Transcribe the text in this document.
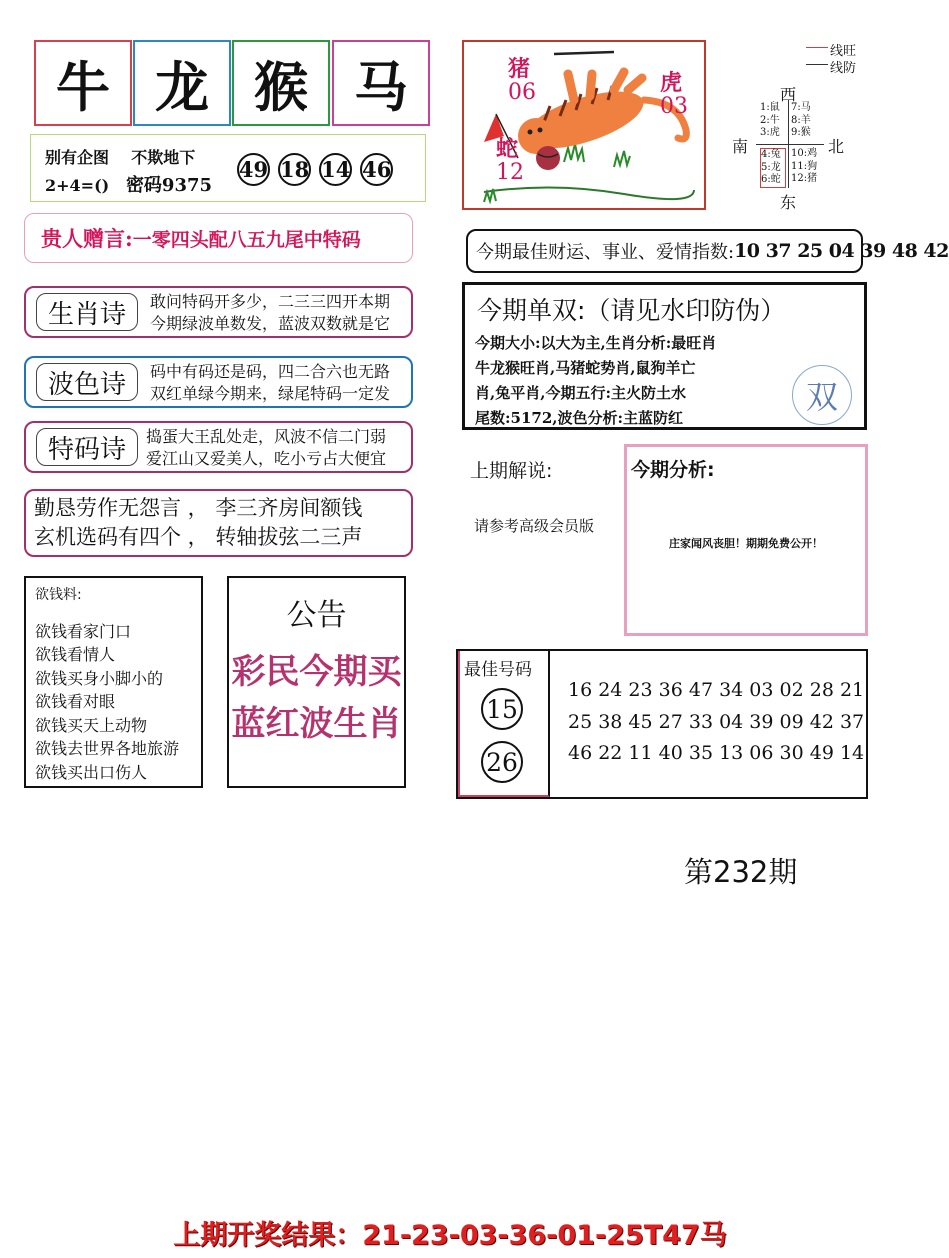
牛 龙 猴 马
别有企图 不欺地下
2+4=() 密码9375
49 18 14 46
贵人赠言: 一零四头配八五九尾中特码
生肖诗	敢问特码开多少，二三三四开本期
今期绿波单数发，蓝波双数就是它
波色诗	码中有码还是码，四二合六也无路
双红单绿今期来，绿尾特码一定发
特码诗	捣蛋大王乱处走，风波不信二门弱
爱江山又爱美人，吃小亏占大便宜
勤恳劳作无怨言 ， 李三齐房间额钱
玄机选码有四个 ， 转轴拔弦二三声
欲钱料:
欲钱看家门口
欲钱看情人
欲钱买身小脚小的
欲钱看对眼
欲钱买天上动物
欲钱去世界各地旅游
欲钱买出口伤人
公告
彩民今期买
蓝红波生肖
猪
06	虎
03
蛇
12
线旺
线防
西
南	北
东
1:鼠
2:牛
3:虎
7:马
8:羊
9:猴
4:兔
5:龙
6:蛇
10:鸡
11:狗
12:猪
今期最佳财运、事业、爱情指数: 10 37 25 04 39 48 42
今期单双:（请见水印防伪）
今期大小:以大为主,生肖分析:最旺肖
牛龙猴旺肖,马猪蛇势肖,鼠狗羊亡
肖,兔平肖,今期五行:主火防土水
尾数:5172,波色分析:主蓝防红
双
上期解说:
请参考高级会员版
今期分析:
庄家闻风丧胆！期期免费公开！
最佳号码
15
26
16 24 23 36 47 34 03 02 28 21
25 38 45 27 33 04 39 09 42 37
46 22 11 40 35 13 06 30 49 14
第232期
上期开奖结果：21-23-03-36-01-25T47马
